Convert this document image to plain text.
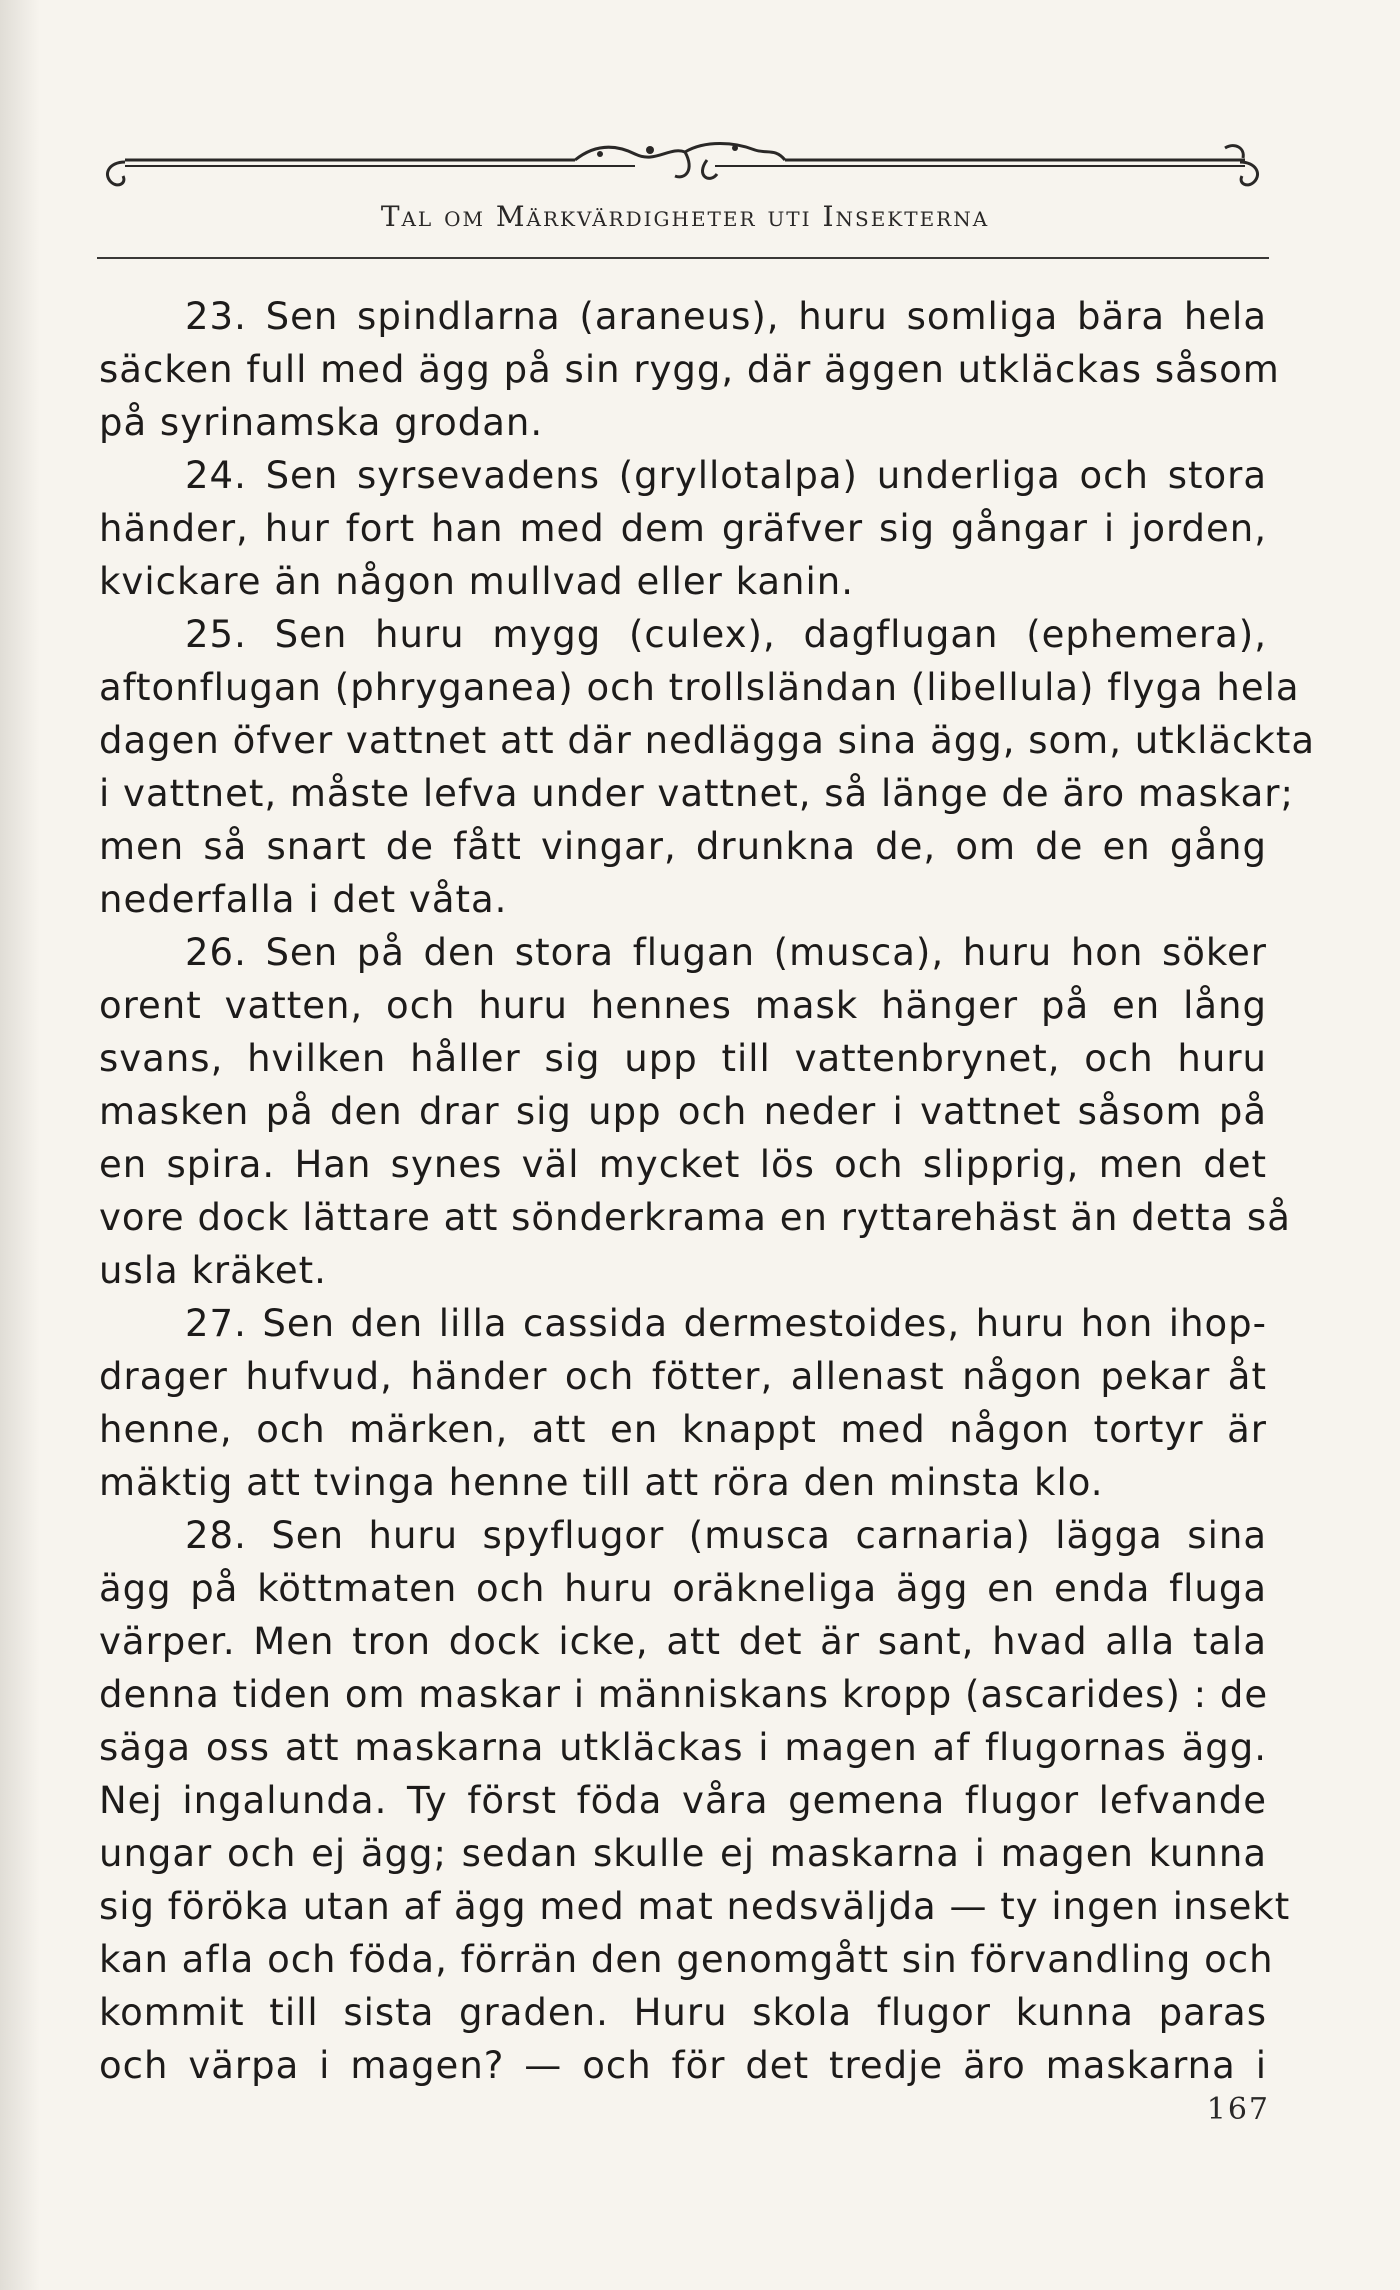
Tal om Märkvärdigheter uti Insekterna
23. Sen spindlarna (araneus), huru somliga bära hela
säcken full med ägg på sin rygg, där äggen utkläckas såsom
på syrinamska grodan.
24. Sen syrsevadens (gryllotalpa) underliga och stora
händer, hur fort han med dem gräfver sig gångar i jorden,
kvickare än någon mullvad eller kanin.
25. Sen huru mygg (culex), dagflugan (ephemera),
aftonflugan (phryganea) och trollsländan (libellula) flyga hela
dagen öfver vattnet att där nedlägga sina ägg, som, utkläckta
i vattnet, måste lefva under vattnet, så länge de äro maskar;
men så snart de fått vingar, drunkna de, om de en gång
nederfalla i det våta.
26. Sen på den stora flugan (musca), huru hon söker
orent vatten, och huru hennes mask hänger på en lång
svans, hvilken håller sig upp till vattenbrynet, och huru
masken på den drar sig upp och neder i vattnet såsom på
en spira. Han synes väl mycket lös och slipprig, men det
vore dock lättare att sönderkrama en ryttarehäst än detta så
usla kräket.
27. Sen den lilla cassida dermestoides, huru hon ihop-
drager hufvud, händer och fötter, allenast någon pekar åt
henne, och märken, att en knappt med någon tortyr är
mäktig att tvinga henne till att röra den minsta klo.
28. Sen huru spyflugor (musca carnaria) lägga sina
ägg på köttmaten och huru oräkneliga ägg en enda fluga
värper. Men tron dock icke, att det är sant, hvad alla tala
denna tiden om maskar i människans kropp (ascarides) : de
säga oss att maskarna utkläckas i magen af flugornas ägg.
Nej ingalunda. Ty först föda våra gemena flugor lefvande
ungar och ej ägg; sedan skulle ej maskarna i magen kunna
sig föröka utan af ägg med mat nedsväljda — ty ingen insekt
kan afla och föda, förrän den genomgått sin förvandling och
kommit till sista graden. Huru skola flugor kunna paras
och värpa i magen? — och för det tredje äro maskarna i
167
